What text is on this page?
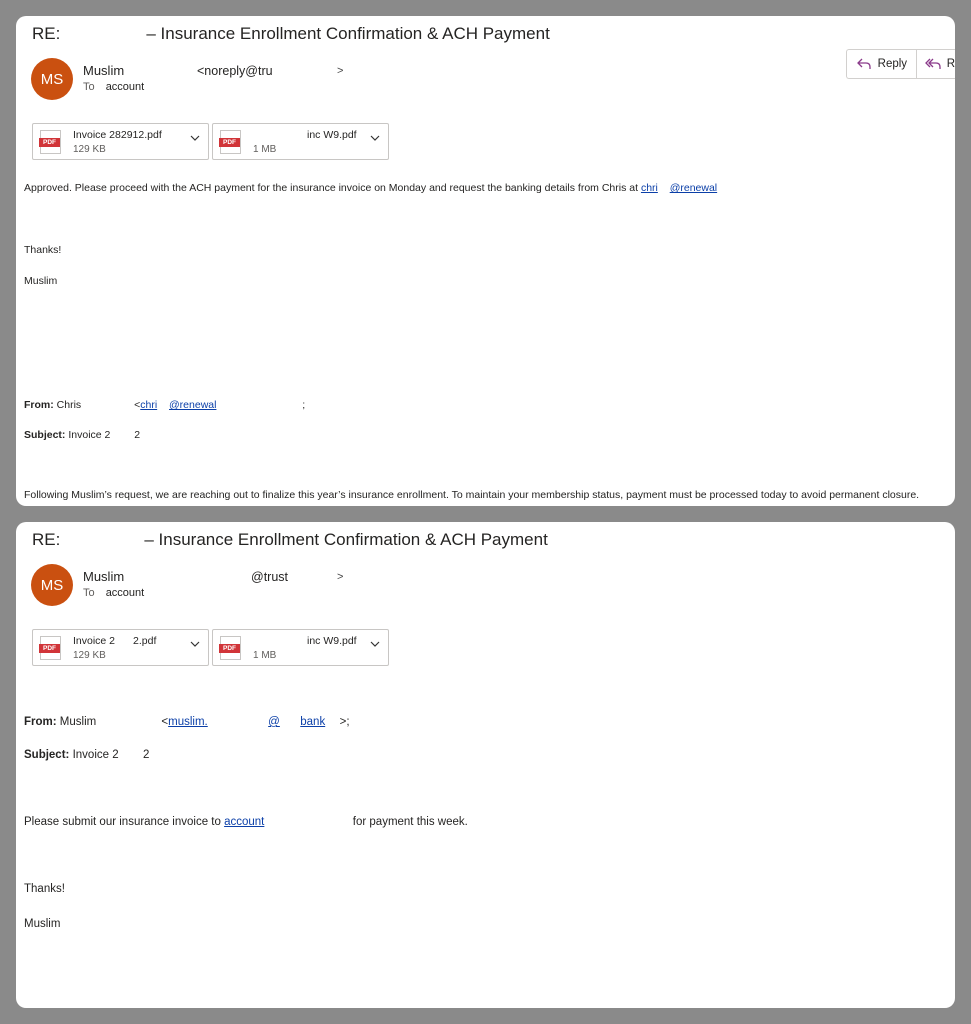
RE:	– Insurance Enrollment Confirmation & ACH Payment
MS	Muslim	<noreply@tru	>
To account
Reply	R
PDF
Invoice 282912.pdf
129 KB
PDF
inc W9.pdf
1 MB
Approved. Please proceed with the ACH payment for the insurance invoice on Monday and request the banking details from Chris at chri @renewal
Thanks!
Muslim
From: Chris	<chri @renewal	;
Subject: Invoice 2 2
Following Muslim’s request, we are reaching out to finalize this year’s insurance enrollment. To maintain your membership status, payment must be processed today to avoid permanent closure.
RE:	– Insurance Enrollment Confirmation & ACH Payment
MS	Muslim	@trust	>
To account
PDF
Invoice 2 2.pdf
129 KB
PDF
inc W9.pdf
1 MB
From: Muslim	<muslim.	@ bank >;
Subject: Invoice 2 2
Please submit our insurance invoice to account	for payment this week.
Thanks!
Muslim
